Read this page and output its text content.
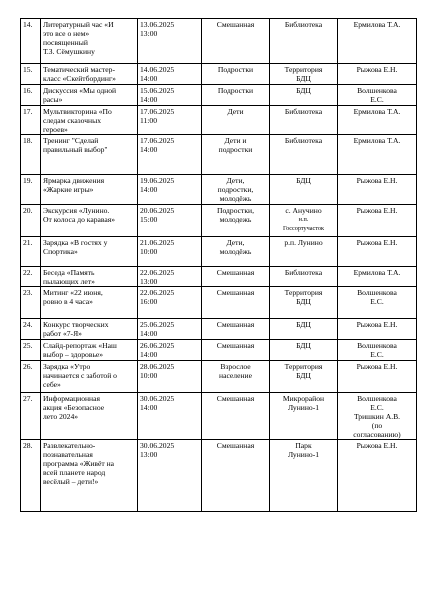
14.	Литературный час «И
это все о нем»
посвященный
Т.З. Сёмушкину	13.06.2025
13:00	Смешанная	Библиотека	Ермилова Т.А.

15.	Тематический мастер-
класс «Скейтбординг»	14.06.2025
14:00	Подростки	Территория
БДЦ	Рыжова Е.Н.

16.	Дискуссия «Мы одной
расы»	15.06.2025
14:00	Подростки	БДЦ	Волшенкова
Е.С.

17.	Мультвикторина «По
следам сказочных
героев»	17.06.2025
11:00	Дети	Библиотека	Ермилова Т.А.

18.	Тренинг "Сделай
правильный выбор"	17.06.2025
14:00	Дети и
подростки	Библиотека	Ермилова Т.А.

19.	Ярмарка движения
«Жаркие игры»	19.06.2025
14:00	Дети,
подростки,
молодёжь	БДЦ	Рыжова Е.Н.

20.	Экскурсия «Лунино.
От колоса до каравая»	20.06.2025
15:00	Подростки,
молодежь	с. Анучино
н.п.
Госсортучасток	Рыжова Е.Н.

21.	Зарядка «В гостях у
Спортика»	21.06.2025
10:00	Дети,
молодёжь	р.п. Лунино	Рыжова Е.Н.

22.	Беседа «Память
пылающих лет»	22.06.2025
13:00	Смешанная	Библиотека	Ермилова Т.А.

23.	Митинг «22 июня,
ровно в 4 часа»	22.06.2025
16:00	Смешанная	Территория
БДЦ	Волшенкова
Е.С.

24.	Конкурс творческих
работ «7-Я»	25.06.2025
14:00	Смешанная	БДЦ	Рыжова Е.Н.

25.	Слайд-репортаж «Наш
выбор – здоровье»	26.06.2025
14:00	Смешанная	БДЦ	Волшенкова
Е.С.

26.	Зарядка «Утро
начинается с заботой о
себе»	28.06.2025
10:00	Взрослое
население	Территория
БДЦ	Рыжова Е.Н.

27.	Информационная
акция «Безопасное
лето 2024»	30.06.2025
14:00	Смешанная	Микрорайон
Лунино-1	Волшенкова
Е.С.
Тришкин А.В.
(по
согласованию)

28.	Развлекательно-
познавательная
программа «Живёт на
всей планете народ
весёлый – дети!»	30.06.2025
13:00	Смешанная	Парк
Лунино-1	Рыжова Е.Н.
